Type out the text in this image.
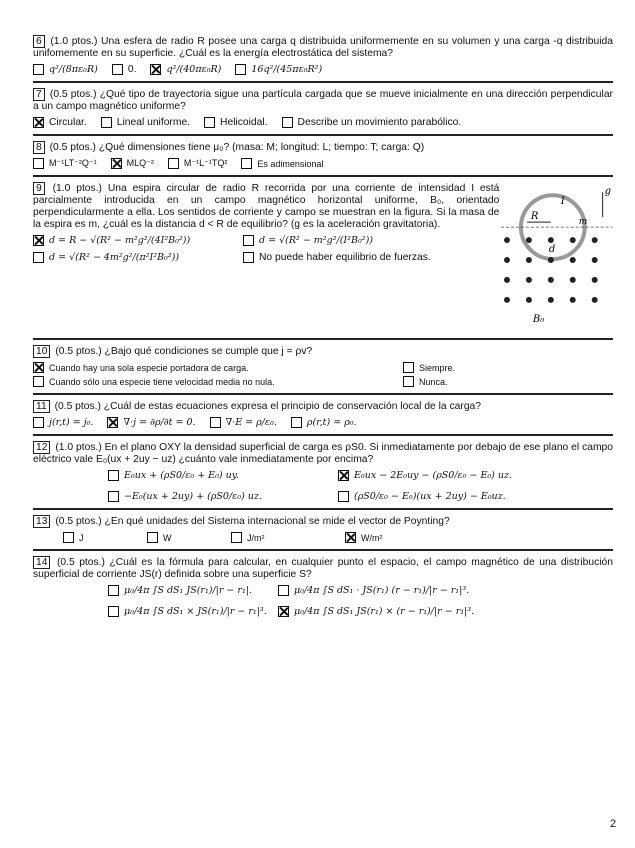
6 (1.0 ptos.) Una esfera de radio R posee una carga q distribuida uniformemente en su volumen y una carga -q distribuida unifomemente en su superficie. ¿Cuál es la energía electrostática del sistema?

q²/(8πε₀R)	0.	q²/(40πε₀R)	16q²/(45πε₀R²)

7 (0.5 ptos.) ¿Qué tipo de trayectoria sigue una partícula cargada que se mueve inicialmente en una dirección perpendicular a un campo magnético uniforme?

Circular.	Lineal uniforme.	Helicoidal.	Describe un movimiento parabólico.

8 (0.5 ptos.) ¿Qué dimensiones tiene μ₀? (masa: M; longitud: L; tiempo: T; carga: Q)

M⁻¹LT⁻²Q⁻¹	MLQ⁻²	M⁻¹L⁻¹TQ²	Es adimensional

9 (1.0 ptos.) Una espira circular de radio R recorrida por una corriente de intensidad I está parcialmente introducida en un campo magnético horizontal uniforme, B₀, orientado perpendicularmente a ella. Los sentidos de corriente y campo se muestran en la figura. Si la masa de la espira es m, ¿cuál es la distancia d < R de equilibrio? (g es la aceleración gravitatoria).

d = R − √(R² − m²g²/(4I²B₀²))	d = √(R² − m²g²/(I²B₀²))
d = √(R² − 4m²g²/(π²I²B₀²))	No puede haber equilibrio de fuerzas.
I
g
R	m
d
B₀

10 (0.5 ptos.) ¿Bajo qué condiciones se cumple que j = ρv?

Cuando hay una sola especie portadora de carga.	Siempre.
Cuando sólo una especie tiene velocidad media no nula.	Nunca.

11 (0.5 ptos.) ¿Cuál de estas ecuaciones expresa el principio de conservación local de la carga?

j(r,t) = j₀.	∇·j = ∂ρ/∂t = 0.	∇·E = ρ/ε₀.	ρ(r,t) = ρ₀.

12 (1.0 ptos.) En el plano OXY la densidad superficial de carga es ρS0. Si inmediatamente por debajo de ese plano el campo eléctrico vale E₀(ux + 2uy − uz) ¿cuánto vale inmediatamente por encima?

E₀ux + (ρS0/ε₀ + E₀) uy.	E₀ux − 2E₀uy − (ρS0/ε₀ − E₀) uz.
−E₀(ux + 2uy) + (ρS0/ε₀) uz.	(ρS0/ε₀ − E₀)(ux + 2uy) − E₀uz.

13 (0.5 ptos.) ¿En qué unidades del Sistema internacional se mide el vector de Poynting?

J	W	J/m²	W/m²

14 (0.5 ptos.) ¿Cuál es la fórmula para calcular, en cualquier punto el espacio, el campo magnético de una distribución superficial de corriente JS(r) definida sobre una superficie S?

μ₀/4π ∫S dS₁ JS(r₁)/|r − r₁|.	μ₀/4π ∫S dS₁ · JS(r₁) (r − r₁)/|r − r₁|³.
μ₀/4π ∫S dS₁ × JS(r₁)/|r − r₁|³.	μ₀/4π ∫S dS₁ JS(r₁) × (r − r₁)/|r − r₁|³.
2
